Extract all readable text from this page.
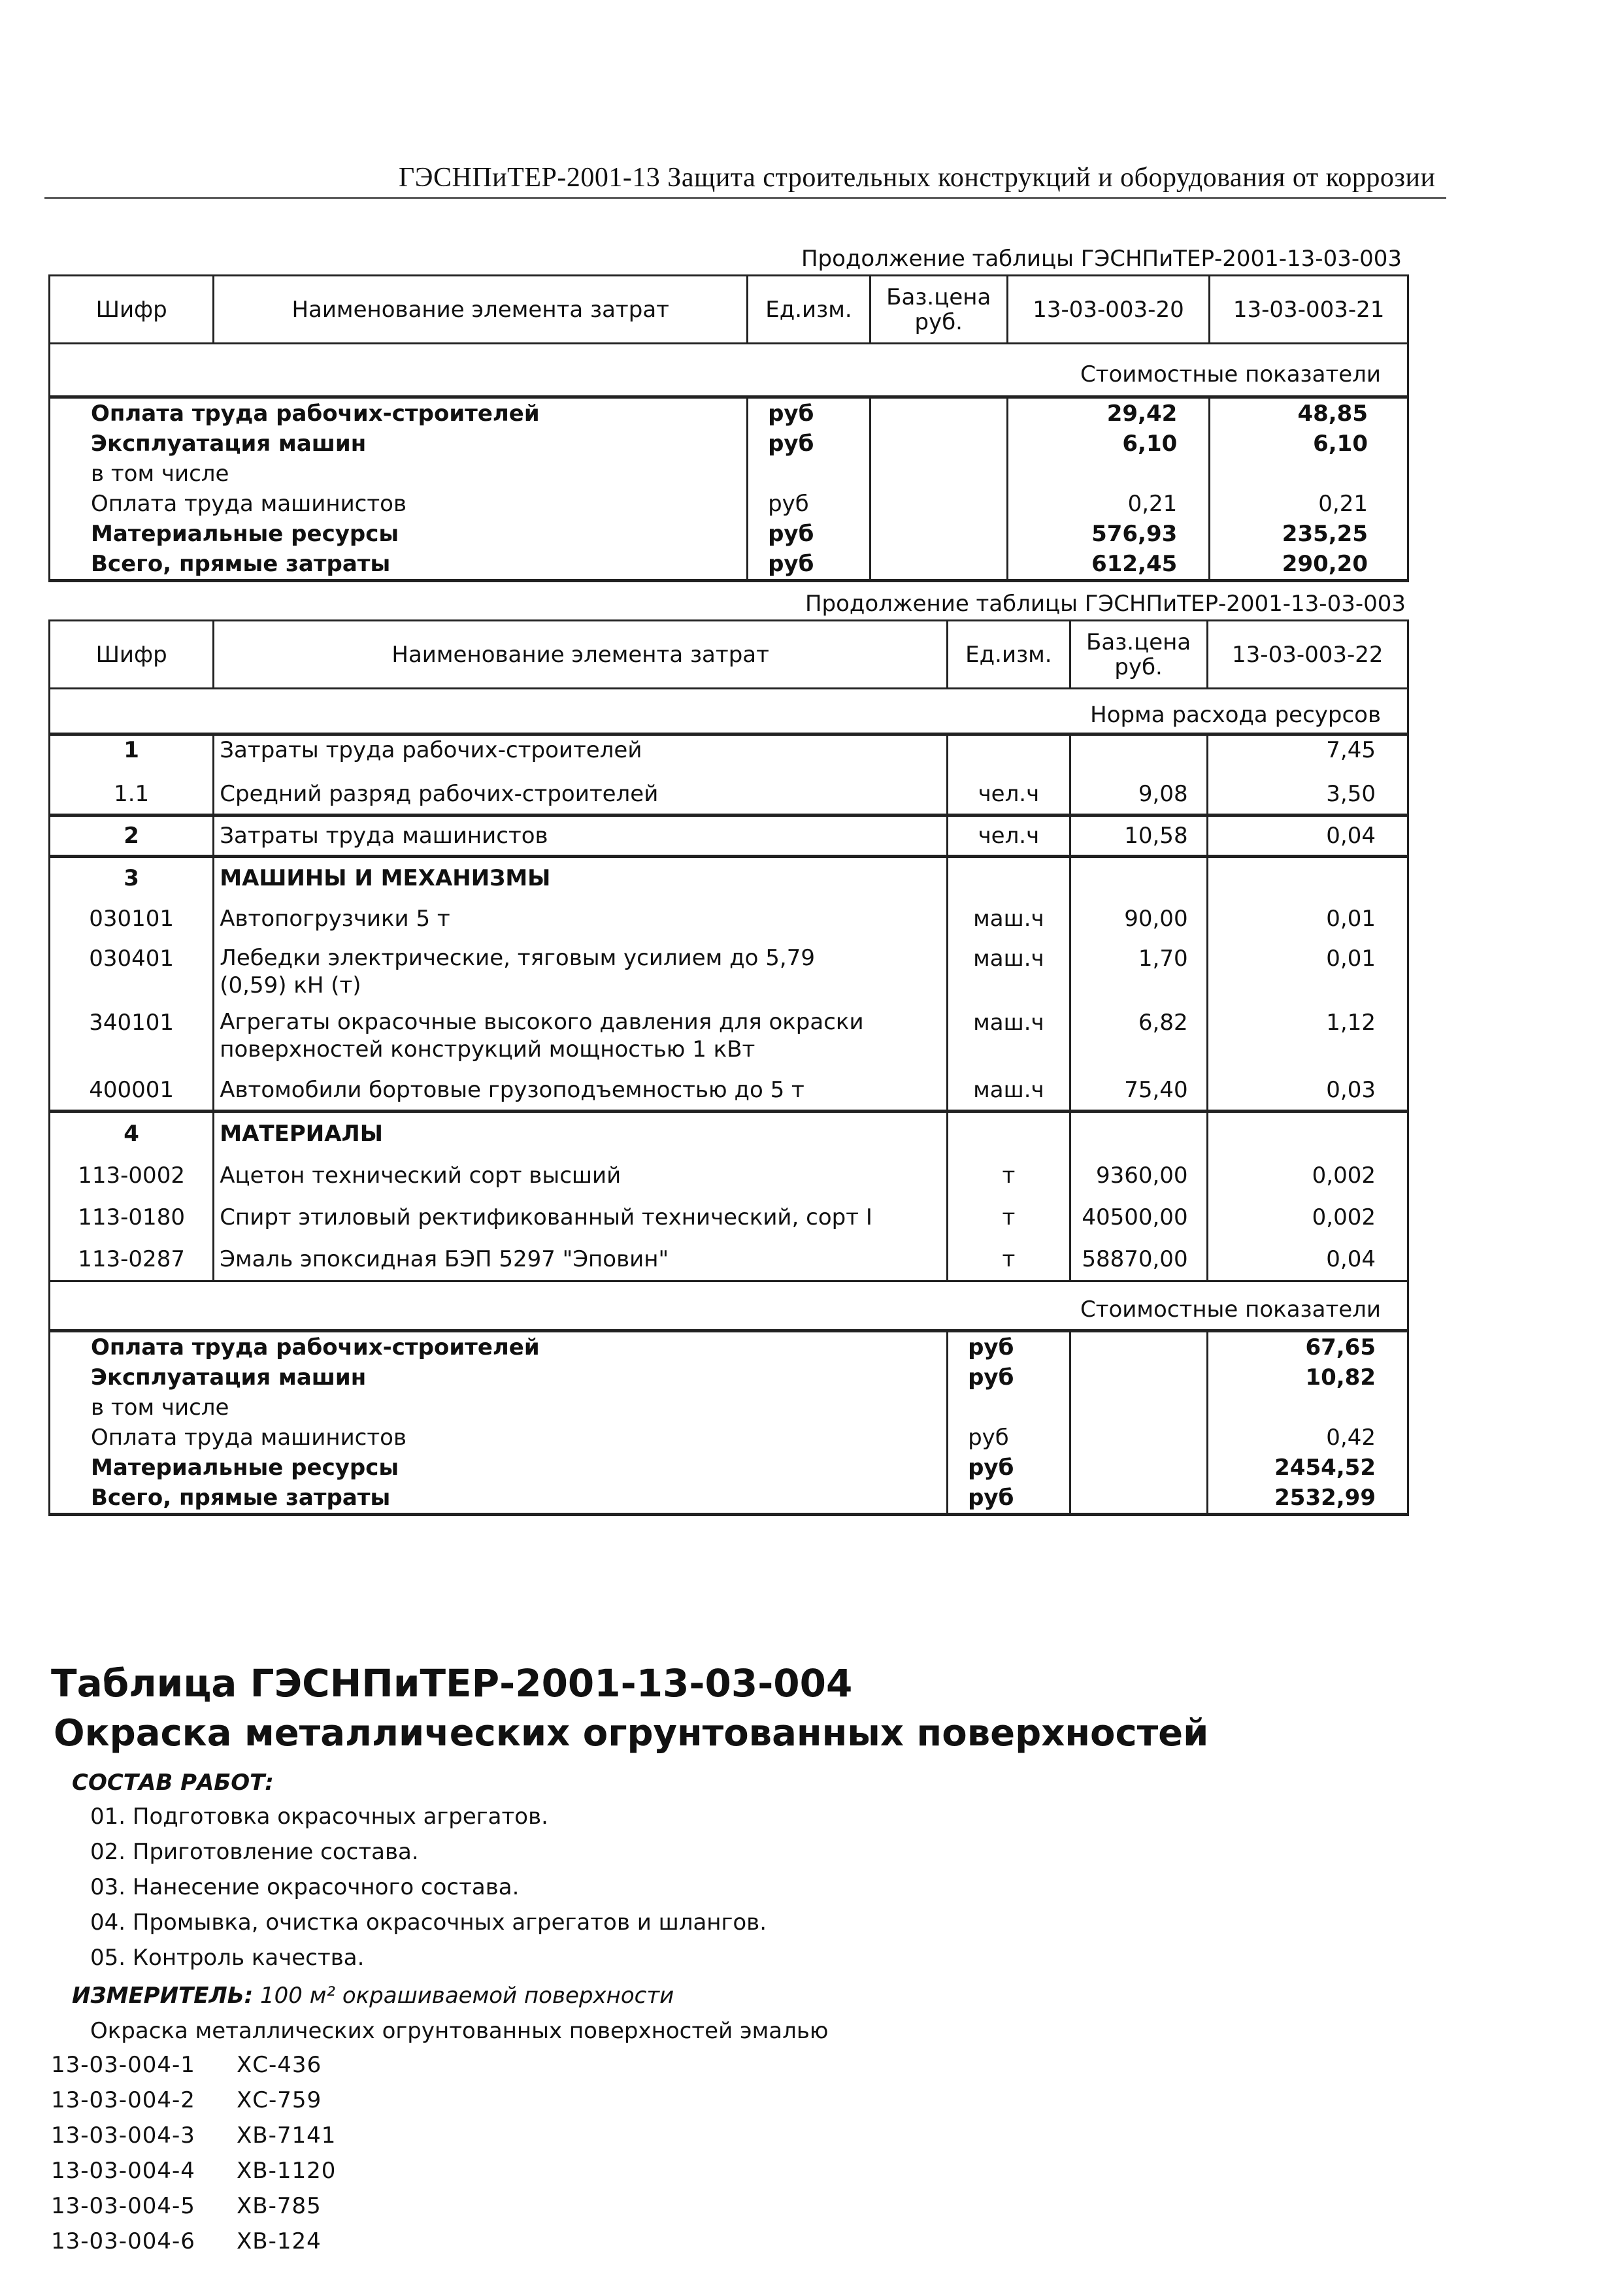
ГЭСНПиТЕР-2001-13 Защита строительных конструкций и оборудования от коррозии
Продолжение таблицы ГЭСНПиТЕР-2001-13-03-003
Шифр	Наименование элемента затрат	Ед.изм.	Баз.цена руб.	13-03-003-20	13-03-003-21
Стоимостные показатели					
Оплата труда рабочих-строителей		руб		29,42	48,85
Эксплуатация машин		руб		6,10	6,10
в том числе					
Оплата труда машинистов		руб		0,21	0,21
Материальные ресурсы		руб		576,93	235,25
Всего, прямые затраты		руб		612,45	290,20
Продолжение таблицы ГЭСНПиТЕР-2001-13-03-003
Шифр	Наименование элемента затрат	Ед.изм.	Баз.цена руб.	13-03-003-22
Норма расхода ресурсов				
1	Затраты труда рабочих-строителей			7,45
1.1	Средний разряд рабочих-строителей	чел.ч	9,08	3,50
2	Затраты труда машинистов	чел.ч	10,58	0,04
3	МАШИНЫ И МЕХАНИЗМЫ			
030101	Автопогрузчики 5 т	маш.ч	90,00	0,01
030401	Лебедки электрические, тяговым усилием до 5,79 (0,59) кН (т)	маш.ч	1,70	0,01
340101	Агрегаты окрасочные высокого давления для окраски поверхностей конструкций мощностью 1 кВт	маш.ч	6,82	1,12
400001	Автомобили бортовые грузоподъемностью до 5 т	маш.ч	75,40	0,03
4	МАТЕРИАЛЫ			
113-0002	Ацетон технический сорт высший	т	9360,00	0,002
113-0180	Спирт этиловый ректификованный технический, сорт I	т	40500,00	0,002
113-0287	Эмаль эпоксидная БЭП 5297 "Эповин"	т	58870,00	0,04
Стоимостные показатели				
Оплата труда рабочих-строителей		руб		67,65
Эксплуатация машин		руб		10,82
в том числе				
Оплата труда машинистов		руб		0,42
Материальные ресурсы		руб		2454,52
Всего, прямые затраты		руб		2532,99
Таблица ГЭСНПиТЕР-2001-13-03-004
Окраска металлических огрунтованных поверхностей
СОСТАВ РАБОТ:
01. Подготовка окрасочных агрегатов.
02. Приготовление состава.
03. Нанесение окрасочного состава.
04. Промывка, очистка окрасочных агрегатов и шлангов.
05. Контроль качества.
ИЗМЕРИТЕЛЬ: 100 м² окрашиваемой поверхности
Окраска металлических огрунтованных поверхностей эмалью
13-03-004-1 ХС-436
13-03-004-2 ХС-759
13-03-004-3 ХВ-7141
13-03-004-4 ХВ-1120
13-03-004-5 ХВ-785
13-03-004-6 ХВ-124
